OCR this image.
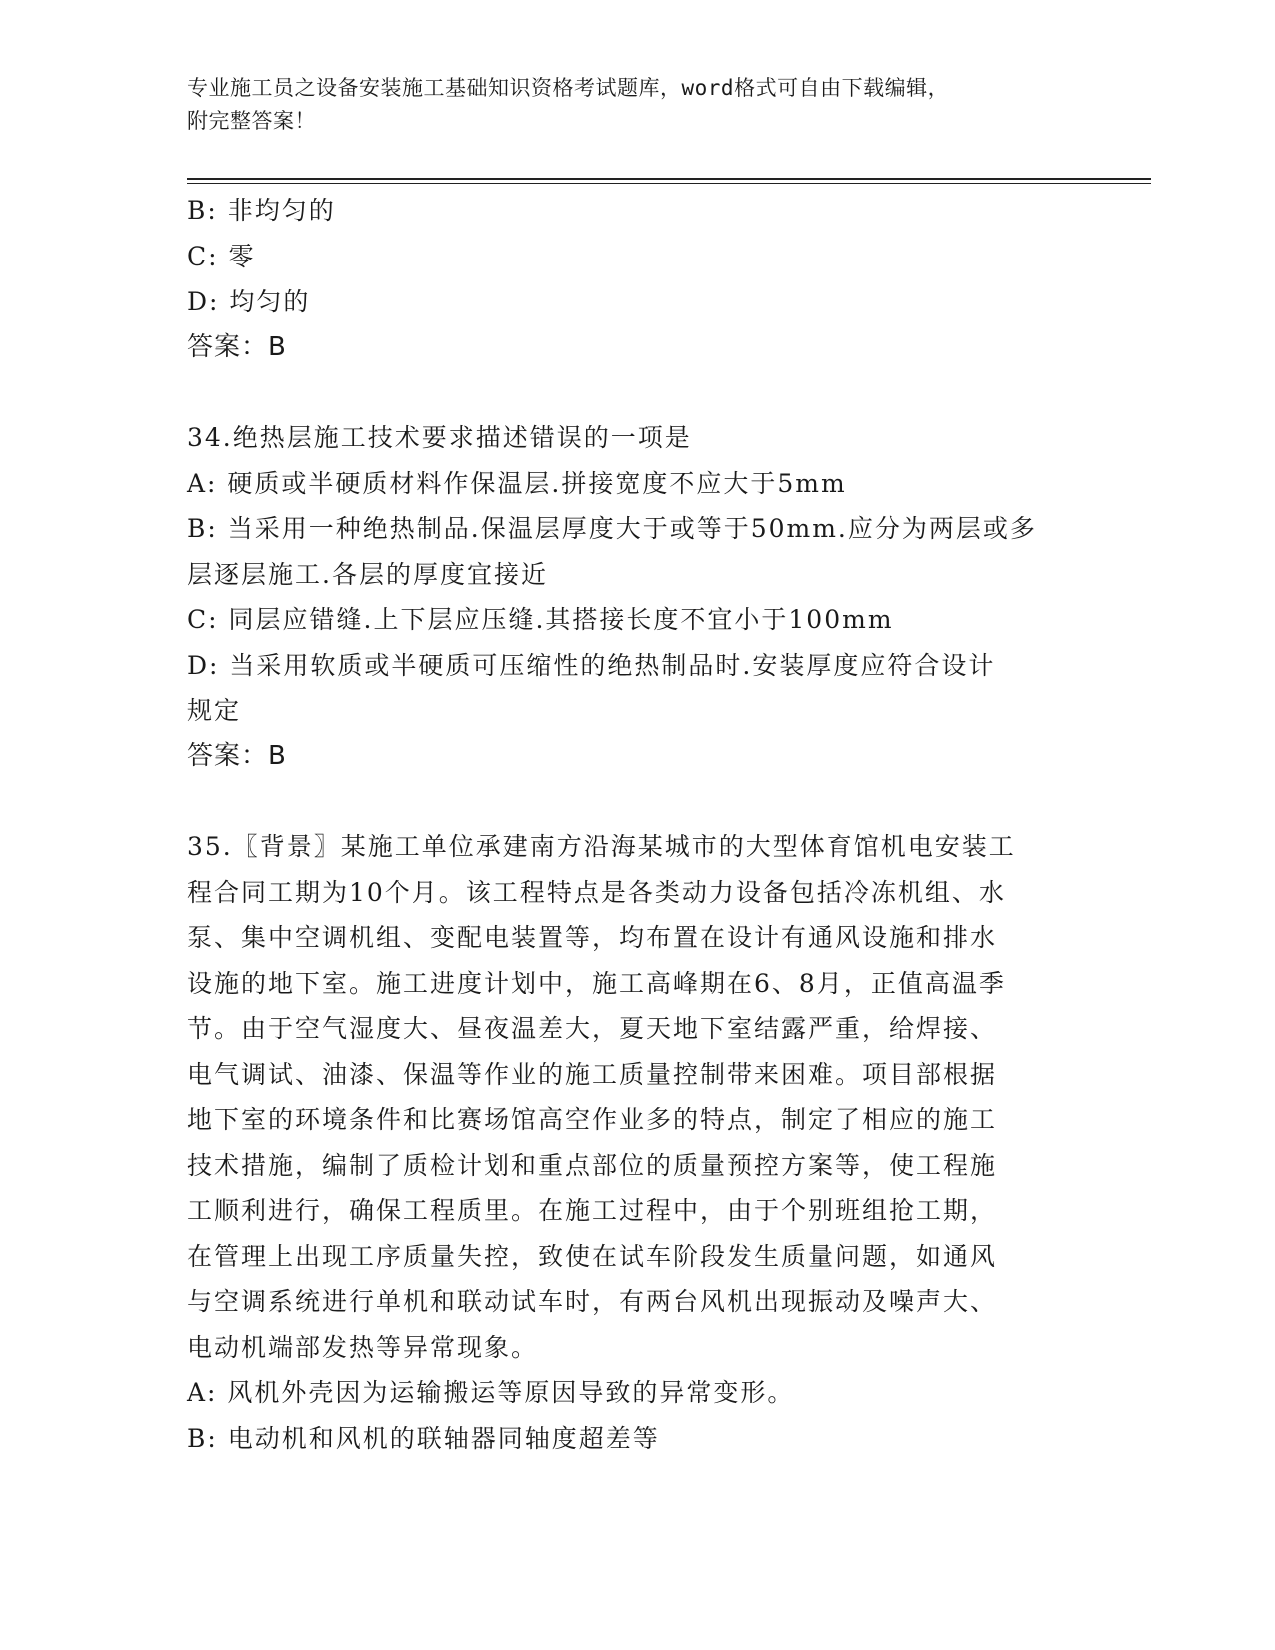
专业施工员之设备安装施工基础知识资格考试题库，word格式可自由下载编辑，
附完整答案！

B: 非均匀的

C: 零

D: 均匀的

答案：B

34.绝热层施工技术要求描述错误的一项是

A: 硬质或半硬质材料作保温层.拼接宽度不应大于5mm

B: 当采用一种绝热制品.保温层厚度大于或等于50mm.应分为两层或多

层逐层施工.各层的厚度宜接近

C: 同层应错缝.上下层应压缝.其搭接长度不宜小于100mm

D: 当采用软质或半硬质可压缩性的绝热制品时.安装厚度应符合设计

规定

答案：B

35.〖背景〗某施工单位承建南方沿海某城市的大型体育馆机电安装工

程合同工期为10个月。该工程特点是各类动力设备包括冷冻机组、水

泵、集中空调机组、变配电装置等，均布置在设计有通风设施和排水

设施的地下室。施工进度计划中，施工高峰期在6、8月，正值高温季

节。由于空气湿度大、昼夜温差大，夏天地下室结露严重，给焊接、

电气调试、油漆、保温等作业的施工质量控制带来困难。项目部根据

地下室的环境条件和比赛场馆高空作业多的特点，制定了相应的施工

技术措施，编制了质检计划和重点部位的质量预控方案等，使工程施

工顺利进行，确保工程质里。在施工过程中，由于个别班组抢工期，

在管理上出现工序质量失控，致使在试车阶段发生质量问题，如通风

与空调系统进行单机和联动试车时，有两台风机出现振动及噪声大、

电动机端部发热等异常现象。

A: 风机外壳因为运输搬运等原因导致的异常变形。

B: 电动机和风机的联轴器同轴度超差等
